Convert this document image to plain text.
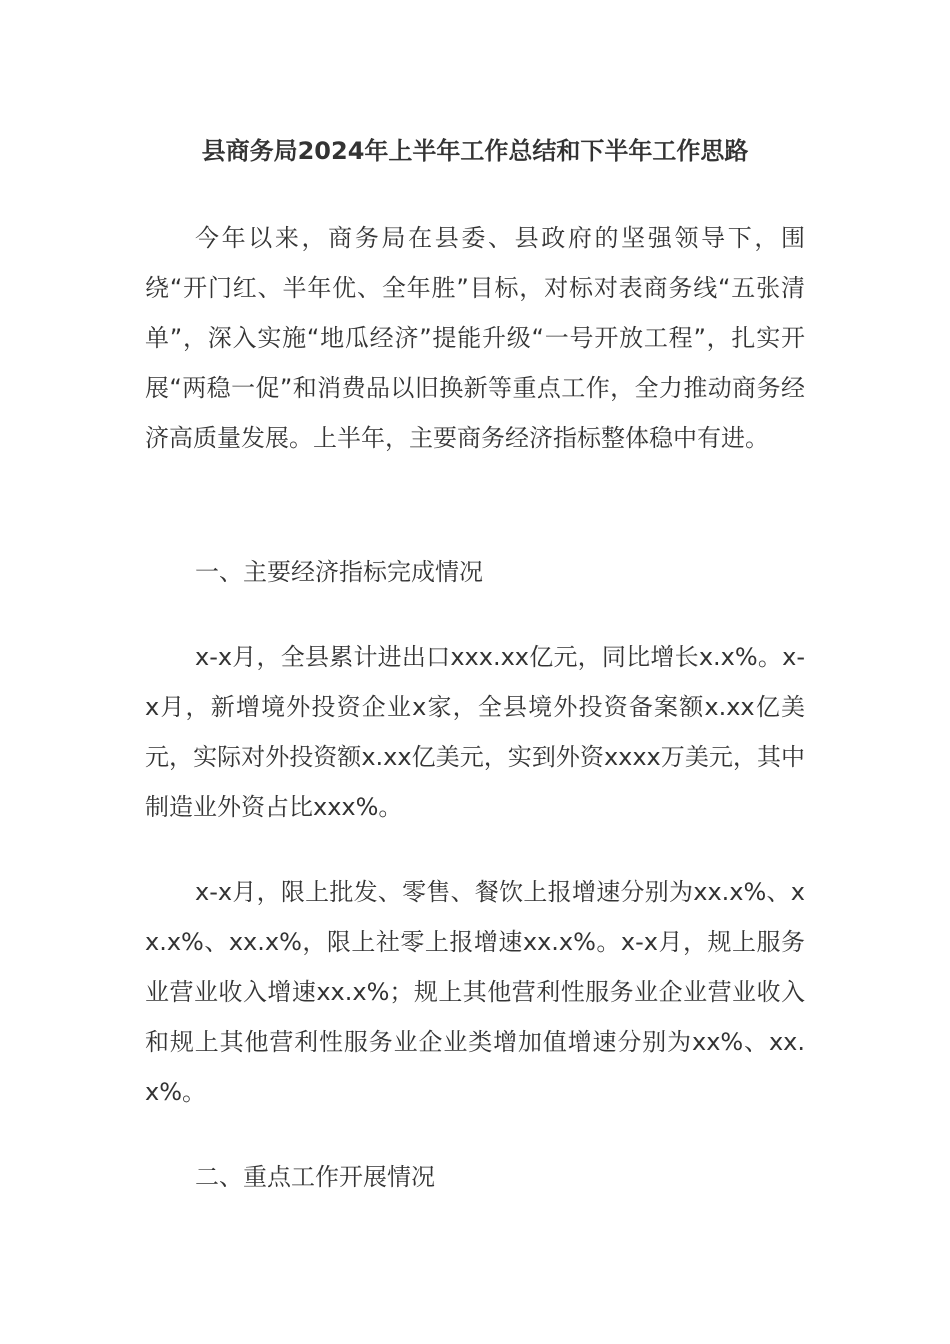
县商务局2024年上半年工作总结和下半年工作思路

今年以来，商务局在县委、县政府的坚强领导下，围绕“开门红、半年优、全年胜”目标，对标对表商务线“五张清单”，深入实施“地瓜经济”提能升级“一号开放工程”，扎实开展“两稳一促”和消费品以旧换新等重点工作，全力推动商务经济高质量发展。上半年，主要商务经济指标整体稳中有进。

一、主要经济指标完成情况

x-x月，全县累计进出口xxx.xx亿元，同比增长x.x%。x-x月，新增境外投资企业x家，全县境外投资备案额x.xx亿美元，实际对外投资额x.xx亿美元，实到外资xxxx万美元，其中制造业外资占比xxx%。

x-x月，限上批发、零售、餐饮上报增速分别为xx.x%、xx.x%、xx.x%，限上社零上报增速xx.x%。x-x月，规上服务业营业收入增速xx.x%；规上其他营利性服务业企业营业收入和规上其他营利性服务业企业类增加值增速分别为xx%、xx.x%。

二、重点工作开展情况
